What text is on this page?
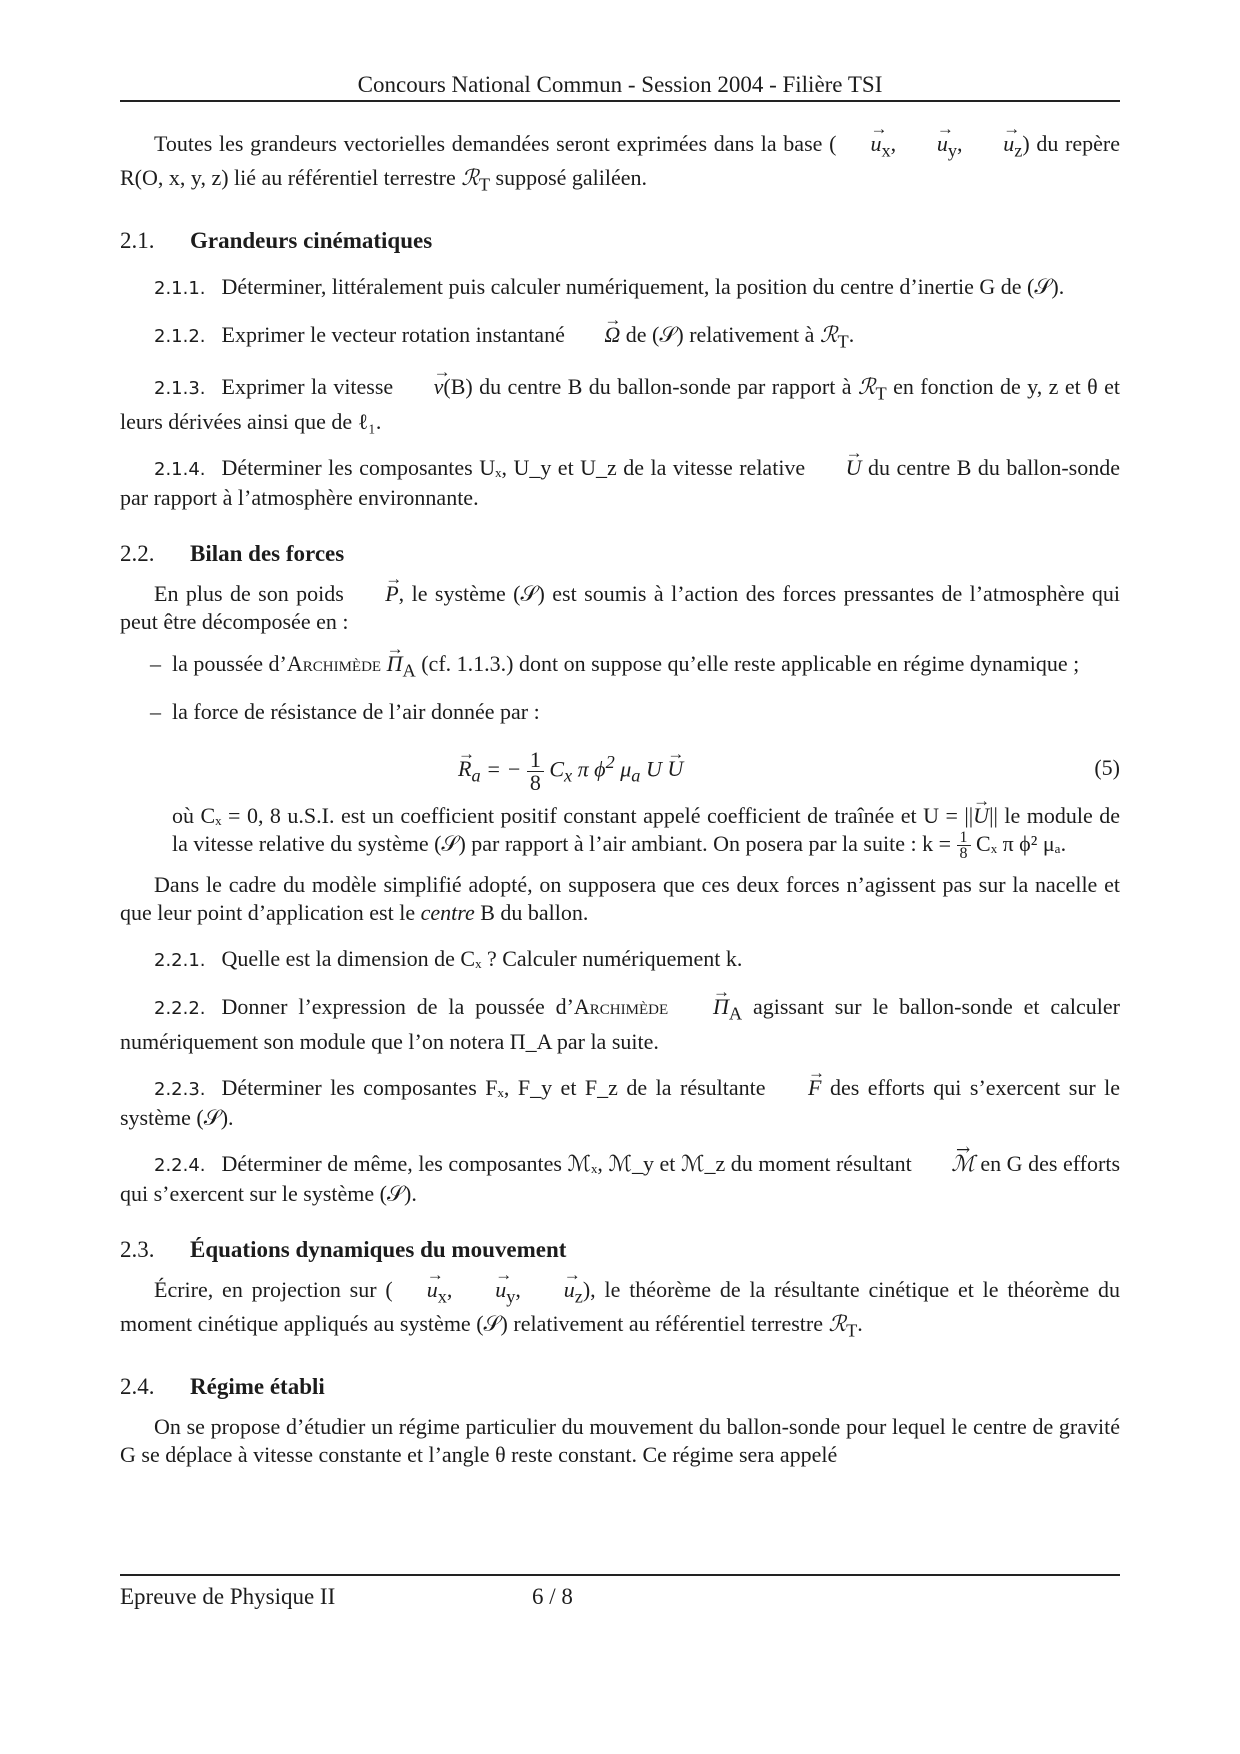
Concours National Commun - Session 2004 - Filière TSI

Toutes les grandeurs vectorielles demandées seront exprimées dans la base ( → $u_x$, → $u_y$, → $u_z$) du repère R(O, x, y, z) lié au référentiel terrestre ℛ$_T$ supposé galiléen.

2.1. Grandeurs cinématiques

2.1.1. Déterminer, littéralement puis calculer numériquement, la position du centre d’inertie G de (𝒮).

2.1.2. Exprimer le vecteur rotation instantané → Ω de (𝒮) relativement à ℛ$_T$.

2.1.3. Exprimer la vitesse → v(B) du centre B du ballon-sonde par rapport à ℛ$_T$ en fonction de y, z et θ et leurs dérivées ainsi que de ℓ₁.

2.1.4. Déterminer les composantes Uₓ, U_y et U_z de la vitesse relative → U du centre B du ballon-sonde par rapport à l’atmosphère environnante.

2.2. Bilan des forces

En plus de son poids → P, le système (𝒮) est soumis à l’action des forces pressantes de l’atmosphère qui peut être décomposée en :

– la poussée d’Archimède → $\Pi_A$ (cf. 1.1.3.) dont on suppose qu’elle reste applicable en régime dynamique ;
– la force de résistance de l’air donnée par :
→ $R_a$ = − $\frac{1}{8} C_x$ π $\phi^2$ $\mu_a$ U → U	(5)

où Cₓ = 0, 8 u.S.I. est un coefficient positif constant appelé coefficient de traînée et U = ||→ U|| le module de la vitesse relative du système (𝒮) par rapport à l’air ambiant. On posera par la suite : $k = \frac{1}{8}$ Cₓ π ϕ² μₐ.

Dans le cadre du modèle simplifié adopté, on supposera que ces deux forces n’agissent pas sur la nacelle et que leur point d’application est le centre B du ballon.

2.2.1. Quelle est la dimension de Cₓ ? Calculer numériquement k.

2.2.2. Donner l’expression de la poussée d’Archimède → $\Pi_A$ agissant sur le ballon-sonde et calculer numériquement son module que l’on notera Π_A par la suite.

2.2.3. Déterminer les composantes Fₓ, F_y et F_z de la résultante → F des efforts qui s’exercent sur le système (𝒮).

2.2.4. Déterminer de même, les composantes ℳₓ, ℳ_y et ℳ_z du moment résultant → ℳ en G des efforts qui s’exercent sur le système (𝒮).

2.3. Équations dynamiques du mouvement

Écrire, en projection sur ( → $u_x$, → $u_y$, → $u_z$), le théorème de la résultante cinétique et le théorème du moment cinétique appliqués au système (𝒮) relativement au référentiel terrestre ℛ$_T$.

2.4. Régime établi

On se propose d’étudier un régime particulier du mouvement du ballon-sonde pour lequel le centre de gravité G se déplace à vitesse constante et l’angle θ reste constant. Ce régime sera appelé

Epreuve de Physique II	6 / 8
